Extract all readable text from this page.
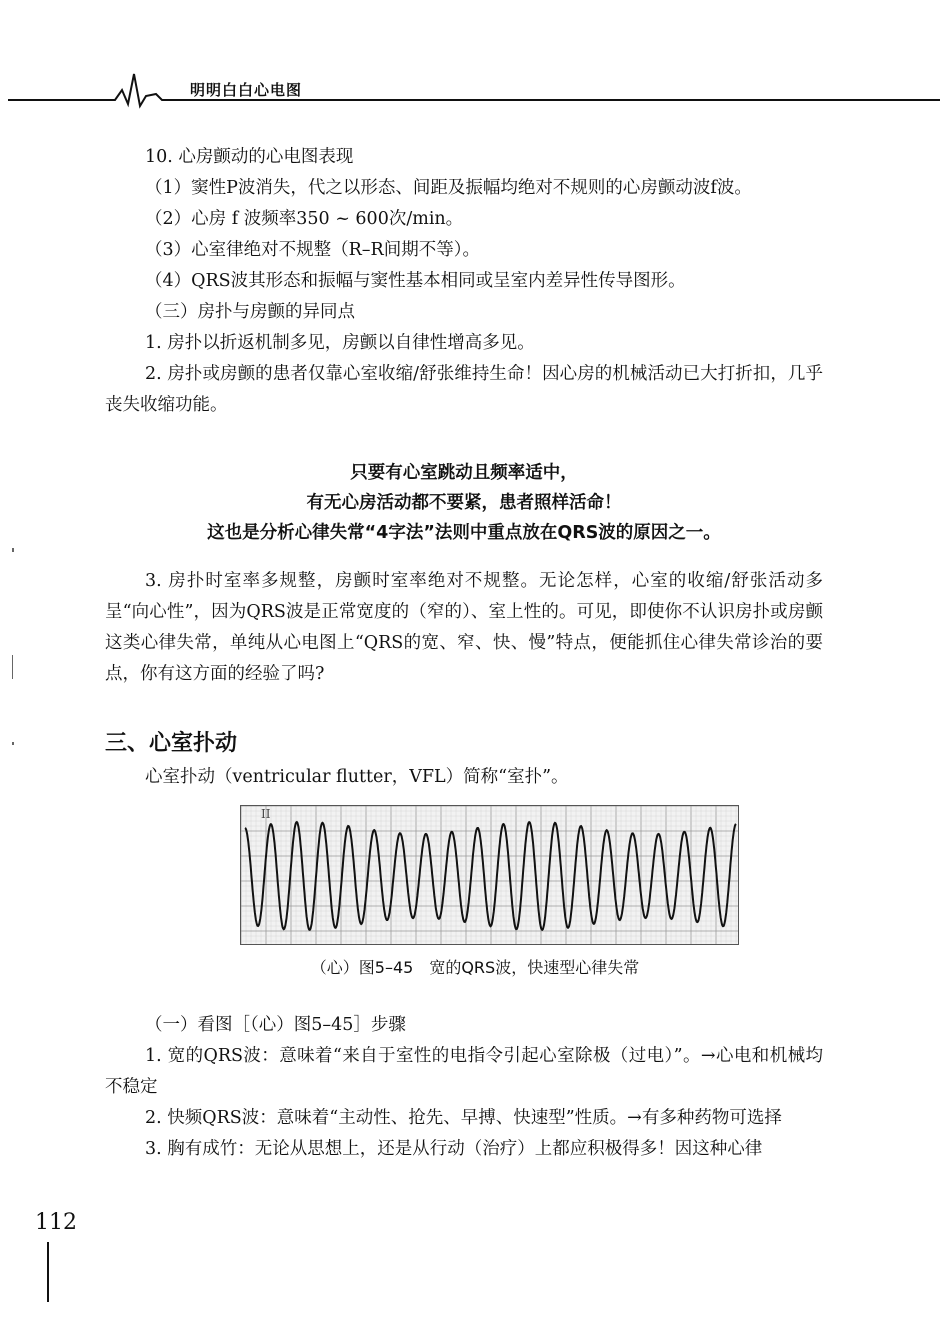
明明白白心电图

10. 心房颤动的心电图表现

（1）窦性P波消失，代之以形态、间距及振幅均绝对不规则的心房颤动波f波。

（2）心房 f 波频率350 ~ 600次/min。

（3）心室律绝对不规整（R–R间期不等）。

（4）QRS波其形态和振幅与窦性基本相同或呈室内差异性传导图形。

（三）房扑与房颤的异同点

1. 房扑以折返机制多见，房颤以自律性增高多见。

2. 房扑或房颤的患者仅靠心室收缩/舒张维持生命！因心房的机械活动已大打折扣，几乎丧失收缩功能。

只要有心室跳动且频率适中，
有无心房活动都不要紧，患者照样活命！
这也是分析心律失常“4字法”法则中重点放在QRS波的原因之一。

3. 房扑时室率多规整，房颤时室率绝对不规整。无论怎样，心室的收缩/舒张活动多呈“向心性”，因为QRS波是正常宽度的（窄的）、室上性的。可见，即使你不认识房扑或房颤这类心律失常，单纯从心电图上“QRS的宽、窄、快、慢”特点，便能抓住心律失常诊治的要点，你有这方面的经验了吗?

三、心室扑动
心室扑动（ventricular flutter，VFL）简称“室扑”。
II
（心）图5–45　宽的QRS波，快速型心律失常

（一）看图［（心）图5–45］步骤

1. 宽的QRS波：意味着“来自于室性的电指令引起心室除极（过电）”。→心电和机械均不稳定

2. 快频QRS波：意味着“主动性、抢先、早搏、快速型”性质。→有多种药物可选择

3. 胸有成竹：无论从思想上，还是从行动（治疗）上都应积极得多！因这种心律

112
